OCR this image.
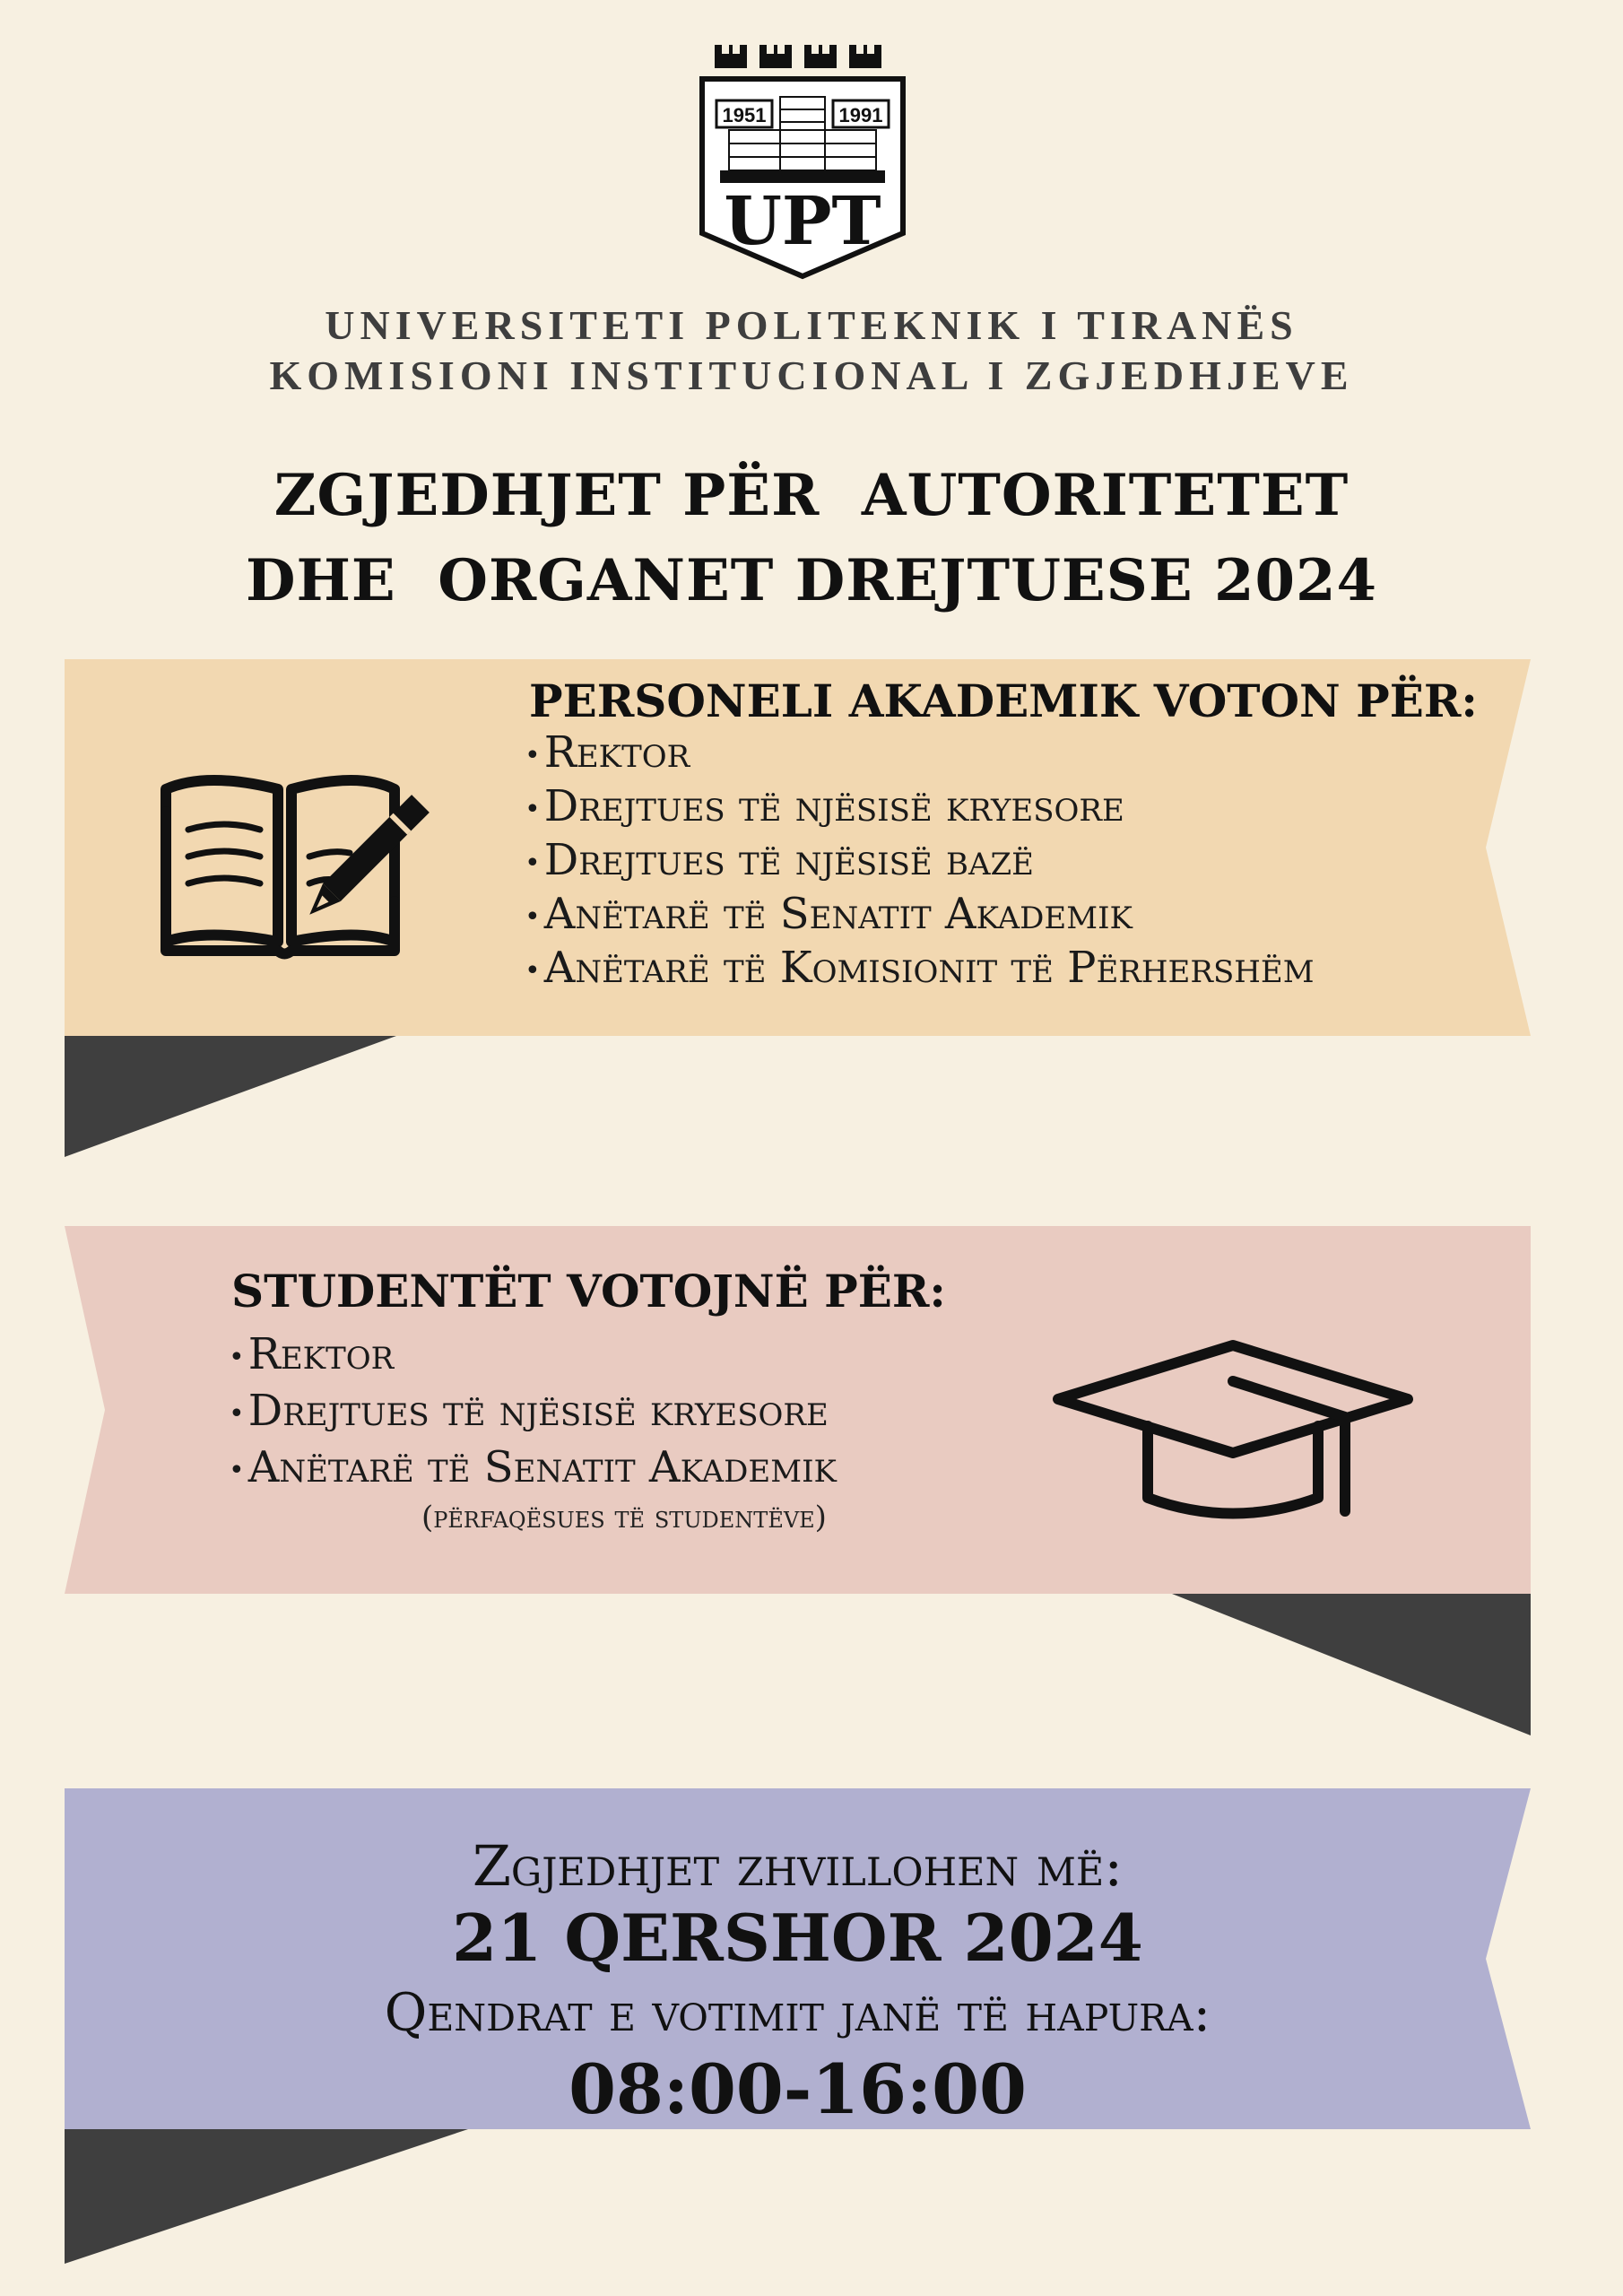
1951	1991
UPT
UNIVERSITETI POLITEKNIK I TIRANËS
KOMISIONI INSTITUCIONAL I ZGJEDHJEVE
ZGJEDHJET PËR  AUTORITETET
DHE  ORGANET DREJTUESE 2024
PERSONELI AKADEMIK VOTON PËR:
•Rektor
•Drejtues të njësisë kryesore
•Drejtues të njësisë bazë
•Anëtarë të Senatit Akademik
•Anëtarë të Komisionit të Përhershëm
STUDENTËT VOTOJNË PËR:
•Rektor
•Drejtues të njësisë kryesore
•Anëtarë të Senatit Akademik
(përfaqësues të studentëve)
Zgjedhjet zhvillohen më:
21 QERSHOR 2024
Qendrat e votimit janë të hapura:
08:00-16:00
